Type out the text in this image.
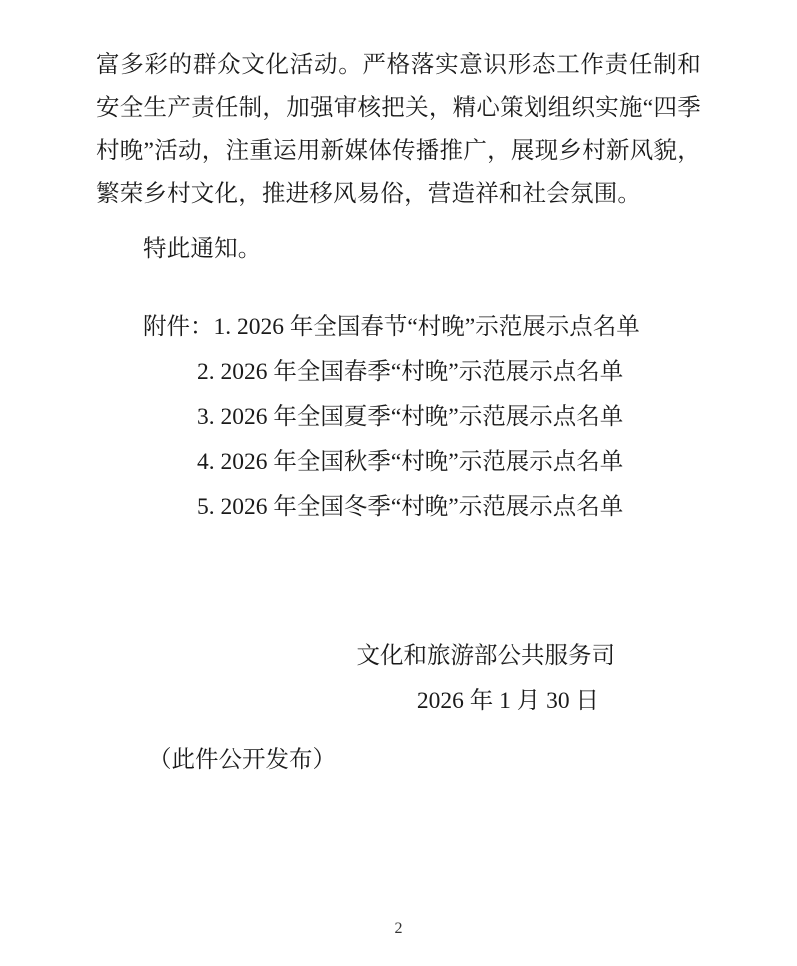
富多彩的群众文化活动。严格落实意识形态工作责任制和安全生产责任制，加强审核把关，精心策划组织实施“四季村晚”活动，注重运用新媒体传播推广，展现乡村新风貌，繁荣乡村文化，推进移风易俗，营造祥和社会氛围。

特此通知。

附件：1. 2026 年全国春节“村晚”示范展示点名单
2. 2026 年全国春季“村晚”示范展示点名单
3. 2026 年全国夏季“村晚”示范展示点名单
4. 2026 年全国秋季“村晚”示范展示点名单
5. 2026 年全国冬季“村晚”示范展示点名单
文化和旅游部公共服务司
2026 年 1 月 30 日
（此件公开发布）
2
